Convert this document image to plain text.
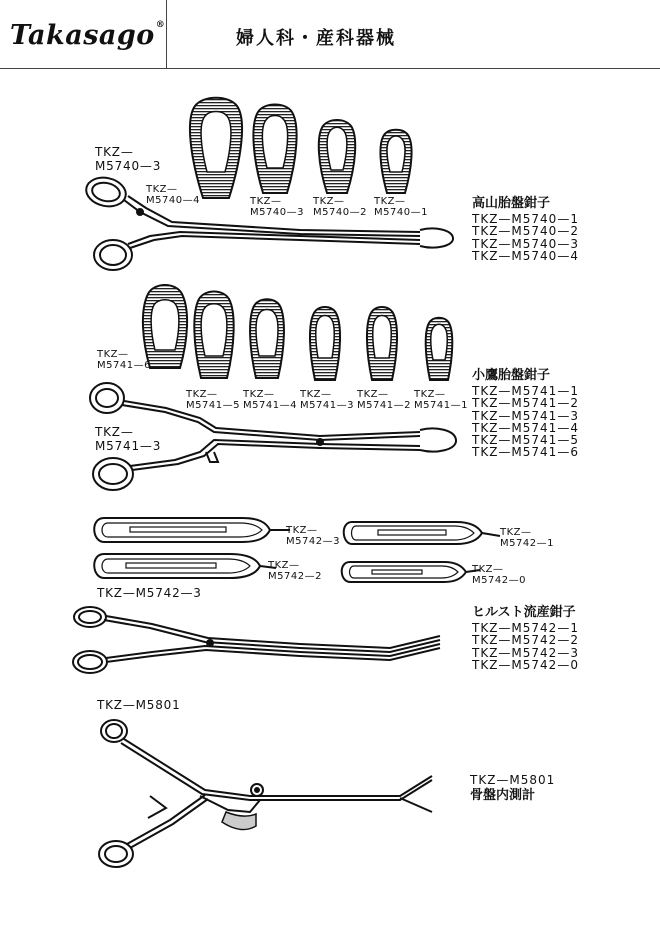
Takasago®
婦人科・産科器械
TKZ—
M5740—3
TKZ—
M5740—4	TKZ—
M5740—3
TKZ—
M5740—2
TKZ—
M5740—1
高山胎盤鉗子
TKZ—M5740—1
TKZ—M5740—2
TKZ—M5740—3
TKZ—M5740—4
TKZ—
M5741—6
TKZ—
M5741—5
TKZ—
M5741—4
TKZ—
M5741—3
TKZ—
M5741—2
TKZ—
M5741—1
TKZ—
M5741—3
小鷹胎盤鉗子
TKZ—M5741—1
TKZ—M5741—2
TKZ—M5741—3
TKZ—M5741—4
TKZ—M5741—5
TKZ—M5741—6
TKZ—
M5742—3
TKZ—
M5742—1
TKZ—
M5742—2
TKZ—
M5742—0
TKZ—M5742—3
ヒルスト流産鉗子
TKZ—M5742—1
TKZ—M5742—2
TKZ—M5742—3
TKZ—M5742—0
TKZ—M5801
TKZ—M5801
骨盤内測計
